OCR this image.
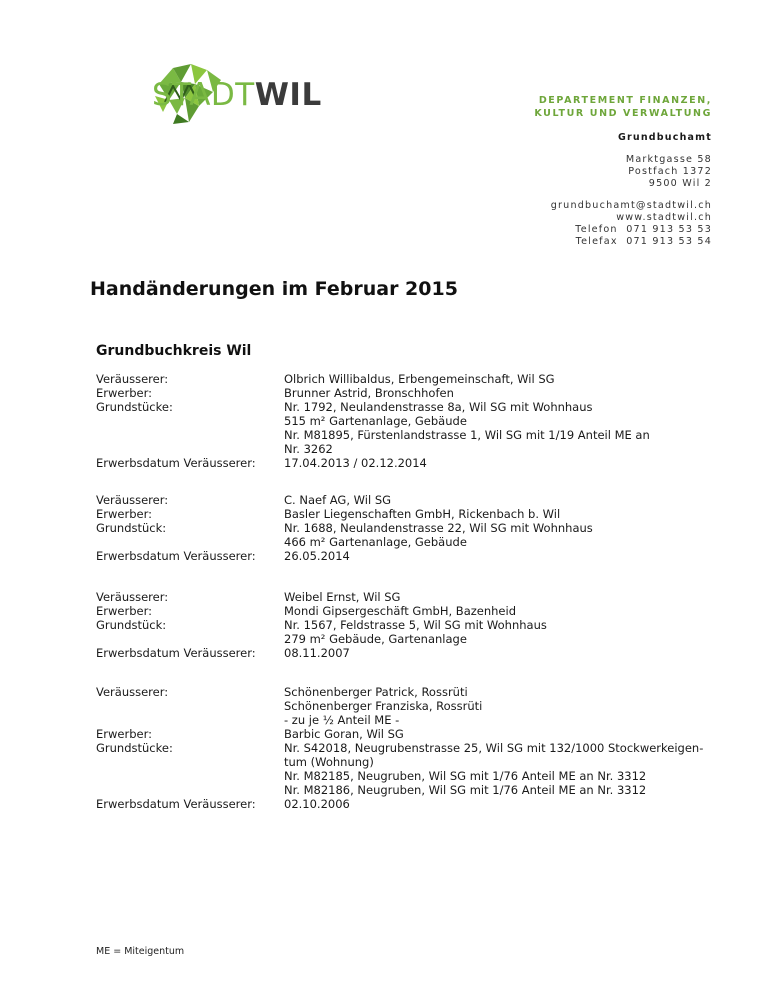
STADTWIL	DEPARTEMENT FINANZEN,
KULTUR UND VERWALTUNG
Grundbuchamt
Marktgasse 58
Postfach 1372
9500 Wil 2
grundbuchamt@stadtwil.ch
www.stadtwil.ch
Telefon  071 913 53 53
Telefax  071 913 53 54
Handänderungen im Februar 2015
Grundbuchkreis Wil
Veräusserer:
Erwerber:
Grundstücke:
Erwerbsdatum Veräusserer:
Olbrich Willibaldus, Erbengemeinschaft, Wil SG
Brunner Astrid, Bronschhofen
Nr. 1792, Neulandenstrasse 8a, Wil SG mit Wohnhaus
515 m² Gartenanlage, Gebäude
Nr. M81895, Fürstenlandstrasse 1, Wil SG mit 1/19 Anteil ME an
Nr. 3262
17.04.2013 / 02.12.2014
Veräusserer:
Erwerber:
Grundstück:
Erwerbsdatum Veräusserer:
C. Naef AG, Wil SG
Basler Liegenschaften GmbH, Rickenbach b. Wil
Nr. 1688, Neulandenstrasse 22, Wil SG mit Wohnhaus
466 m² Gartenanlage, Gebäude
26.05.2014
Veräusserer:
Erwerber:
Grundstück:
Erwerbsdatum Veräusserer:
Weibel Ernst, Wil SG
Mondi Gipsergeschäft GmbH, Bazenheid
Nr. 1567, Feldstrasse 5, Wil SG mit Wohnhaus
279 m² Gebäude, Gartenanlage
08.11.2007
Veräusserer:
Erwerber:
Grundstücke:
Erwerbsdatum Veräusserer:
Schönenberger Patrick, Rossrüti
Schönenberger Franziska, Rossrüti
- zu je ½ Anteil ME -
Barbic Goran, Wil SG
Nr. S42018, Neugrubenstrasse 25, Wil SG mit 132/1000 Stockwerkeigen-
tum (Wohnung)
Nr. M82185, Neugruben, Wil SG mit 1/76 Anteil ME an Nr. 3312
Nr. M82186, Neugruben, Wil SG mit 1/76 Anteil ME an Nr. 3312
02.10.2006
ME = Miteigentum
